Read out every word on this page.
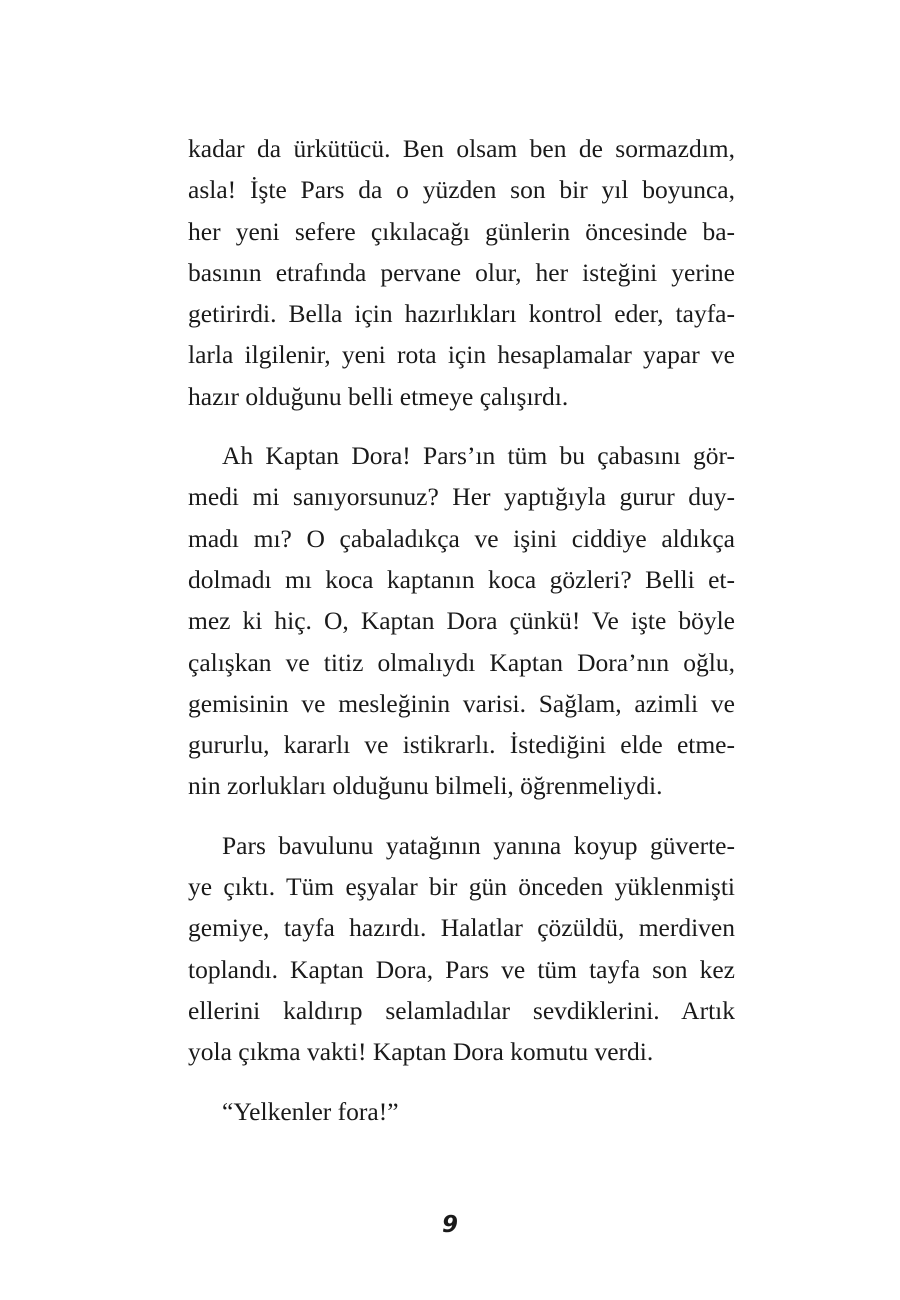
kadar da ürkütücü. Ben olsam ben de sormazdım,
asla! İşte Pars da o yüzden son bir yıl boyunca,
her yeni sefere çıkılacağı günlerin öncesinde ba-
basının etrafında pervane olur, her isteğini yerine
getirirdi. Bella için hazırlıkları kontrol eder, tayfa-
larla ilgilenir, yeni rota için hesaplamalar yapar ve
hazır olduğunu belli etmeye çalışırdı.
Ah Kaptan Dora! Pars’ın tüm bu çabasını gör-
medi mi sanıyorsunuz? Her yaptığıyla gurur duy-
madı mı? O çabaladıkça ve işini ciddiye aldıkça
dolmadı mı koca kaptanın koca gözleri? Belli et-
mez ki hiç. O, Kaptan Dora çünkü! Ve işte böyle
çalışkan ve titiz olmalıydı Kaptan Dora’nın oğlu,
gemisinin ve mesleğinin varisi. Sağlam, azimli ve
gururlu, kararlı ve istikrarlı. İstediğini elde etme-
nin zorlukları olduğunu bilmeli, öğrenmeliydi.
Pars bavulunu yatağının yanına koyup güverte-
ye çıktı. Tüm eşyalar bir gün önceden yüklenmişti
gemiye, tayfa hazırdı. Halatlar çözüldü, merdiven
toplandı. Kaptan Dora, Pars ve tüm tayfa son kez
ellerini kaldırıp selamladılar sevdiklerini. Artık
yola çıkma vakti! Kaptan Dora komutu verdi.
“Yelkenler fora!”
9
